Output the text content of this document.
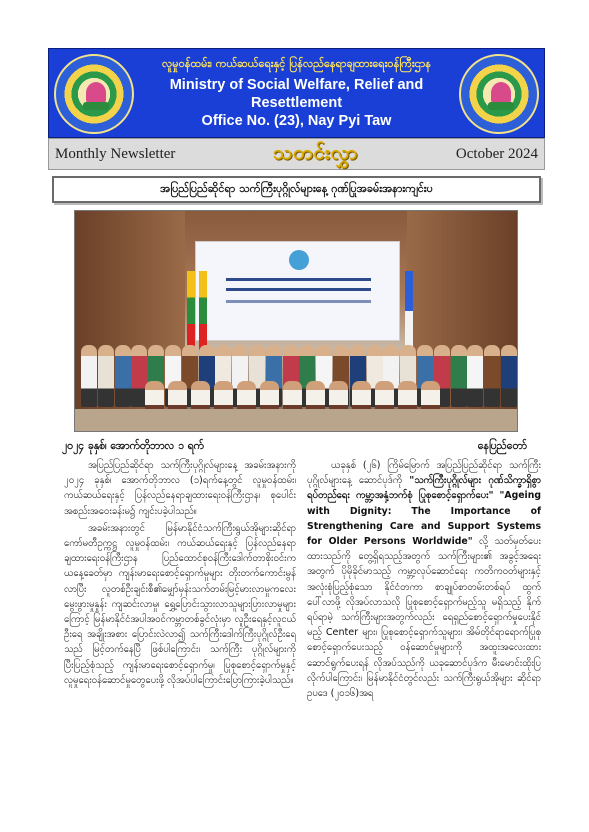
လူမှုဝန်ထမ်း၊ ကယ်ဆယ်ရေးနှင့် ပြန်လည်နေရာချထားရေးဝန်ကြီးဌာန
Ministry of Social Welfare, Relief and Resettlement
Office No. (23), Nay Pyi Taw
Monthly Newsletter	သတင်းလွှာ	October 2024
အပြည်ပြည်ဆိုင်ရာ သက်ကြီးပုဂ္ဂိုလ်များနေ့ ဂုဏ်ပြုအခမ်းအနားကျင်းပ
၂၀၂၄ ခုနှစ်၊ အောက်တိုဘာလ ၁ ရက်	နေပြည်တော်

အပြည်ပြည်ဆိုင်ရာ သက်ကြီးပုဂ္ဂိုလ်များနေ့ အခမ်းအနားကို ၂၀၂၄ ခုနှစ်၊ အောက်တိုဘာလ (၁)ရက်နေ့တွင် လူမှုဝန်ထမ်း၊ ကယ်ဆယ်ရေးနှင့် ပြန်လည်နေရာချထားရေးဝန်ကြီးဌာန၊ စုပေါင်း အစည်းအဝေးခန်းမ၌ ကျင်းပခဲ့ပါသည်။

အခမ်းအနားတွင် မြန်မာနိုင်ငံသက်ကြီးရွယ်အိုများဆိုင်ရာ ကော်မတီဥက္ကဋ္ဌ လူမှုဝန်ထမ်း၊ ကယ်ဆယ်ရေးနှင့် ပြန်လည်နေရာချထားရေးဝန်ကြီးဌာန ပြည်ထောင်စုဝန်ကြီးဒေါက်တာစိုးဝင်းက ယနေ့ခေတ်မှာ ကျန်းမာရေးစောင့်ရှောက်မှုများ တိုးတက်ကောင်းမွန်လာပြီး လူတစ်ဦးချင်းစီ၏မျှော်မှန်းသက်တမ်းမြင့်မားလာမှုကလေးမွေးဖွားမှုနှုန်း ကျဆင်းလာမှု၊ ရွှေ့ပြောင်းသွားလာသူများပြားလာမှုများကြောင့် မြန်မာနိုင်ငံအပါအဝင်ကမ္ဘာတစ်ခွင်လုံးမှာ လူဦးရေနှင့်လူငယ်ဦးရေ အချိုးအစား ပြောင်းလဲလာ၍ သက်ကြီးဒေါက်ကြီးပုဂ္ဂိုလ်ဦးရေသည် မြင့်တက်နေပြီ ဖြစ်ပါကြောင်း၊ သက်ကြီး ပုဂ္ဂိုလ်များကို ပြီးပြည့်စုံသည့် ကျန်းမာရေးစောင့်ရှောက်မှု၊ ပြုစုစောင့်ရှောက်မှုနှင့်လူမှုရေးဝန်ဆောင်မှုတွေပေးဖို့ လိုအပ်ပါကြောင်းပြောကြားခဲ့ပါသည်။

ယခုနှစ် (၂၆) ကြိမ်မြောက် အပြည်ပြည်ဆိုင်ရာ သက်ကြီးပုဂ္ဂိုလ်များနေ့ ဆောင်ပုဒ်ကို "သက်ကြီးပုဂ္ဂိုလ်များ ဂုဏ်သိက္ခာရှိစွာရပ်တည်ရေး ကမ္ဘာ့အနှံ့ဘက်စုံ ပြုစုစောင့်ရှောက်ပေး" "Ageing with Dignity: The Importance of Strengthening Care and Support Systems for Older Persons Worldwide" လို့ သတ်မှတ်ပေးထားသည်ကို တွေ့ရှိရသည့်အတွက် သက်ကြီးများ၏ အခွင့်အရေးအတွက် ပိုမိုခိုင်မာသည့် ကမ္ဘာ့လုပ်ဆောင်ရေး ကတိကဝတ်များနှင့် အလုံးစုံပြည့်စုံသော နိုင်ငံတကာ စာချုပ်စာတမ်းတစ်ရပ် ထွက်ပေါ်လာဖို့ လိုအပ်လာသလို ပြုစုစောင့်ရှောက်မည့်သူ မရှိသည့် နိုက်ရပ်ရာမဲ့ သက်ကြီးများအတွက်လည်း ရေရှည်စောင့်ရှောက်မှုပေးနိုင်မည့် Center များ၊ ပြုစုစောင့်ရှောက်သူများ၊ အိမ်တိုင်ရာရောက်ပြုစုစောင့်ရှောက်ပေးသည့် ဝန်ဆောင်မှုများကို အထူးအလေးထားဆောင်ရွက်ပေးရန် လိုအပ်သည်ကို ယခုဆောင်ပုဒ်က မီးမောင်းထိုးပြလိုက်ပါကြောင်း၊ မြန်မာနိုင်ငံတွင်လည်း သက်ကြီးရွယ်အိုများ ဆိုင်ရာဥပဒေ (၂၀၁၆)အရ
